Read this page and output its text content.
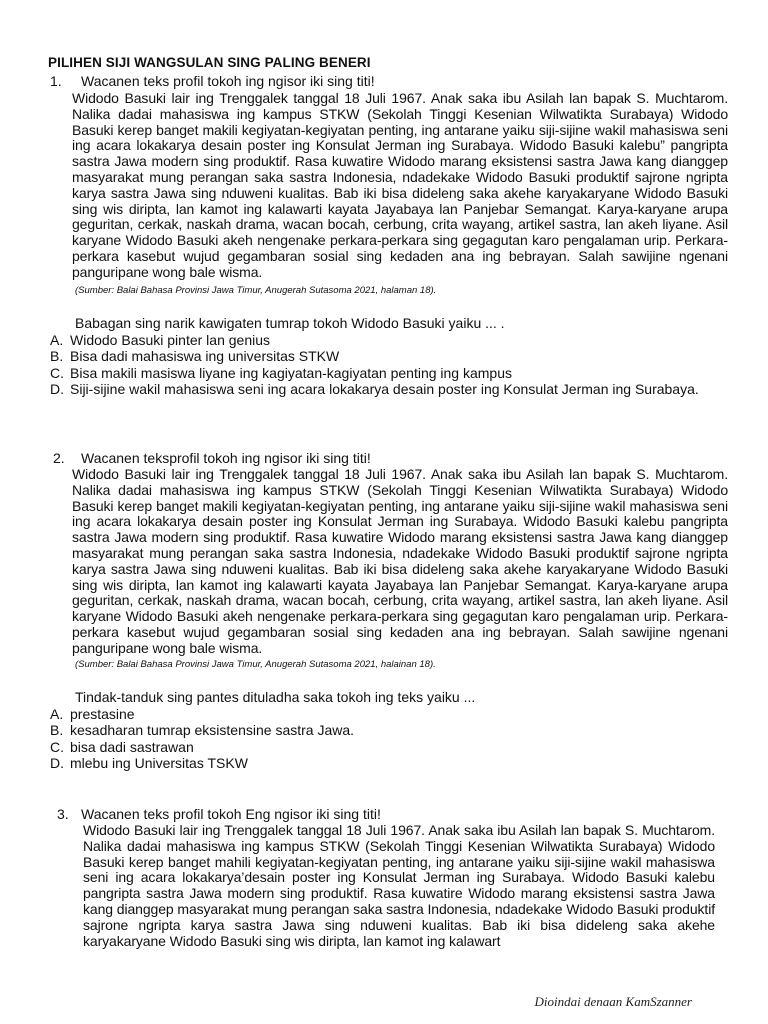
PILIHEN SIJI WANGSULAN SING PALING BENERI
1. Wacanen teks profil tokoh ing ngisor iki sing titi!
Widodo Basuki lair ing Trenggalek tanggal 18 Juli 1967. Anak saka ibu Asilah lan bapak S. Muchtarom. Nalika dadai mahasiswa ing kampus STKW (Sekolah Tinggi Kesenian Wilwatikta Surabaya) Widodo Basuki kerep banget makili kegiyatan-kegiyatan penting, ing antarane yaiku siji-sijine wakil mahasiswa seni ing acara lokakarya desain poster ing Konsulat Jerman ing Surabaya. Widodo Basuki kalebu” pangripta sastra Jawa modern sing produktif. Rasa kuwatire Widodo marang eksistensi sastra Jawa kang dianggep masyarakat mung perangan saka sastra Indonesia, ndadekake Widodo Basuki produktif sajrone ngripta karya sastra Jawa sing nduweni kualitas. Bab iki bisa dideleng saka akehe karyakaryane Widodo Basuki sing wis diripta, lan kamot ing kalawarti kayata Jayabaya lan Panjebar Semangat. Karya-karyane arupa geguritan, cerkak, naskah drama, wacan bocah, cerbung, crita wayang, artikel sastra, lan akeh liyane. Asil karyane Widodo Basuki akeh nengenake perkara-perkara sing gegagutan karo pengalaman urip. Perkara-perkara kasebut wujud gegambaran sosial sing kedaden ana ing bebrayan. Salah sawijine ngenani panguripane wong bale wisma.
(Sumber: Balai Bahasa Provinsi Jawa Timur, Anugerah Sutasoma 2021, halaman 18).
Babagan sing narik kawigaten tumrap tokoh Widodo Basuki yaiku ... .
A. Widodo Basuki pinter lan genius
B. Bisa dadi mahasiswa ing universitas STKW
C. Bisa makili masiswa liyane ing kagiyatan-kagiyatan penting ing kampus
D. Siji-sijine wakil mahasiswa seni ing acara lokakarya desain poster ing Konsulat Jerman ing Surabaya.
2. Wacanen teksprofil tokoh ing ngisor iki sing titi!
Widodo Basuki lair ing Trenggalek tanggal 18 Juli 1967. Anak saka ibu Asilah lan bapak S. Muchtarom. Nalika dadai mahasiswa ing kampus STKW (Sekolah Tinggi Kesenian Wilwatikta Surabaya) Widodo Basuki kerep banget makili kegiyatan-kegiyatan penting, ing antarane yaiku siji-sijine wakil mahasiswa seni ing acara lokakarya desain poster ing Konsulat Jerman ing Surabaya. Widodo Basuki kalebu pangripta sastra Jawa modern sing produktif. Rasa kuwatire Widodo marang eksistensi sastra Jawa kang dianggep masyarakat mung perangan saka sastra Indonesia, ndadekake Widodo Basuki produktif sajrone ngripta karya sastra Jawa sing nduweni kualitas. Bab iki bisa dideleng saka akehe karyakaryane Widodo Basuki sing wis diripta, lan kamot ing kalawarti kayata Jayabaya lan Panjebar Semangat. Karya-karyane arupa geguritan, cerkak, naskah drama, wacan bocah, cerbung, crita wayang, artikel sastra, lan akeh liyane. Asil karyane Widodo Basuki akeh nengenake perkara-perkara sing gegagutan karo pengalaman urip. Perkara-perkara kasebut wujud gegambaran sosial sing kedaden ana ing bebrayan. Salah sawijine ngenani panguripane wong bale wisma.
(Sumber: Balai Bahasa Provinsi Jawa Timur, Anugerah Sutasoma 2021, halainan 18).
Tindak-tanduk sing pantes dituladha saka tokoh ing teks yaiku ...
A. prestasine
B. kesadharan tumrap eksistensine sastra Jawa.
C. bisa dadi sastrawan
D. mlebu ing Universitas TSKW
3. Wacanen teks profil tokoh Eng ngisor iki sing titi!
Widodo Basuki lair ing Trenggalek tanggal 18 Juli 1967. Anak saka ibu Asilah lan bapak S. Muchtarom. Nalika dadai mahasiswa ing kampus STKW (Sekolah Tinggi Kesenian Wilwatikta Surabaya) Widodo Basuki kerep banget mahili kegiyatan-kegiyatan penting, ing antarane yaiku siji-sijine wakil mahasiswa seni ing acara lokakarya’desain poster ing Konsulat Jerman ing Surabaya. Widodo Basuki kalebu pangripta sastra Jawa modern sing produktif. Rasa kuwatire Widodo marang eksistensi sastra Jawa kang dianggep masyarakat mung perangan saka sastra Indonesia, ndadekake Widodo Basuki produktif sajrone ngripta karya sastra Jawa sing nduweni kualitas. Bab iki bisa dideleng saka akehe karyakaryane Widodo Basuki sing wis diripta, lan kamot ing kalawart
Dioindai denaan KamSzanner
